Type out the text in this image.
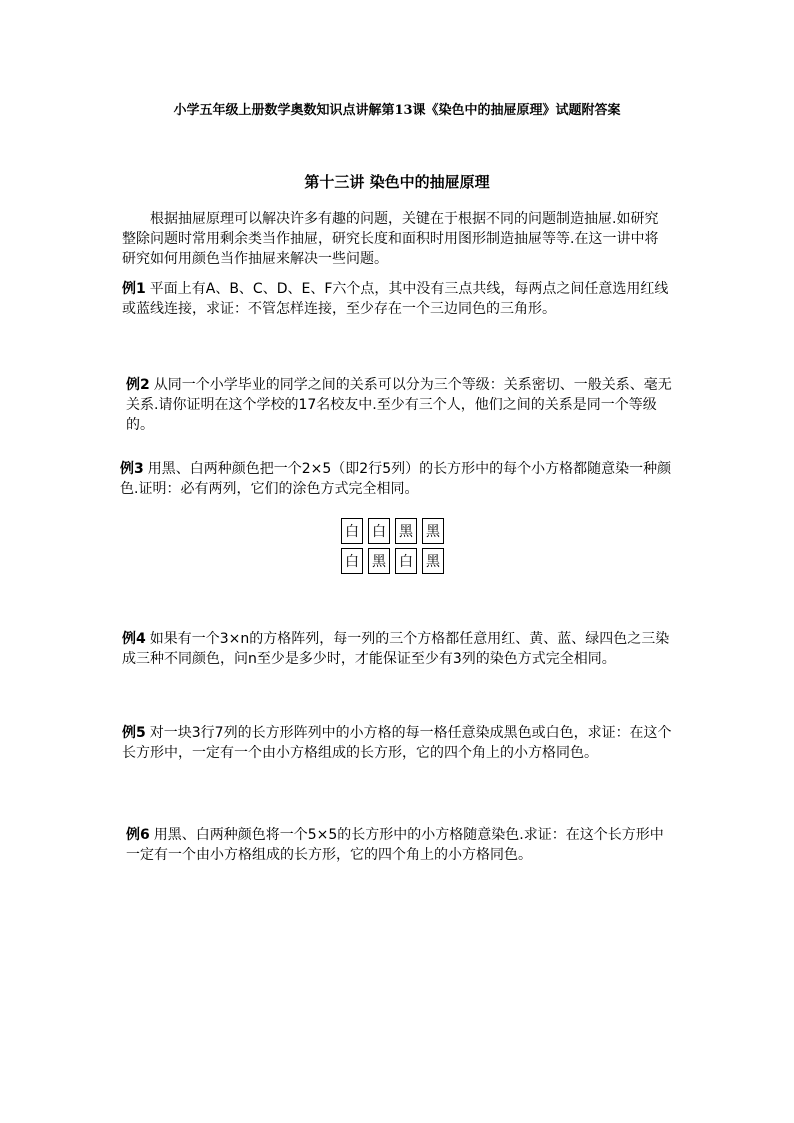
小学五年级上册数学奥数知识点讲解第13课《染色中的抽屉原理》试题附答案
第十三讲 染色中的抽屉原理

根据抽屉原理可以解决许多有趣的问题，关键在于根据不同的问题制造抽屉.如研究整除问题时常用剩余类当作抽屉，研究长度和面积时用图形制造抽屉等等.在这一讲中将研究如何用颜色当作抽屉来解决一些问题。

例1 平面上有A、B、C、D、E、F六个点，其中没有三点共线，每两点之间任意选用红线或蓝线连接，求证：不管怎样连接，至少存在一个三边同色的三角形。

例2 从同一个小学毕业的同学之间的关系可以分为三个等级：关系密切、一般关系、毫无关系.请你证明在这个学校的17名校友中.至少有三个人，他们之间的关系是同一个等级的。

例3 用黑、白两种颜色把一个2×5（即2行5列）的长方形中的每个小方格都随意染一种颜色.证明：必有两列，它们的涂色方式完全相同。

白 白 黑 黑
白 黑 白 黑

例4 如果有一个3×n的方格阵列，每一列的三个方格都任意用红、黄、蓝、绿四色之三染成三种不同颜色，问n至少是多少时，才能保证至少有3列的染色方式完全相同。

例5 对一块3行7列的长方形阵列中的小方格的每一格任意染成黑色或白色，求证：在这个长方形中，一定有一个由小方格组成的长方形，它的四个角上的小方格同色。

例6 用黑、白两种颜色将一个5×5的长方形中的小方格随意染色.求证：在这个长方形中一定有一个由小方格组成的长方形，它的四个角上的小方格同色。
